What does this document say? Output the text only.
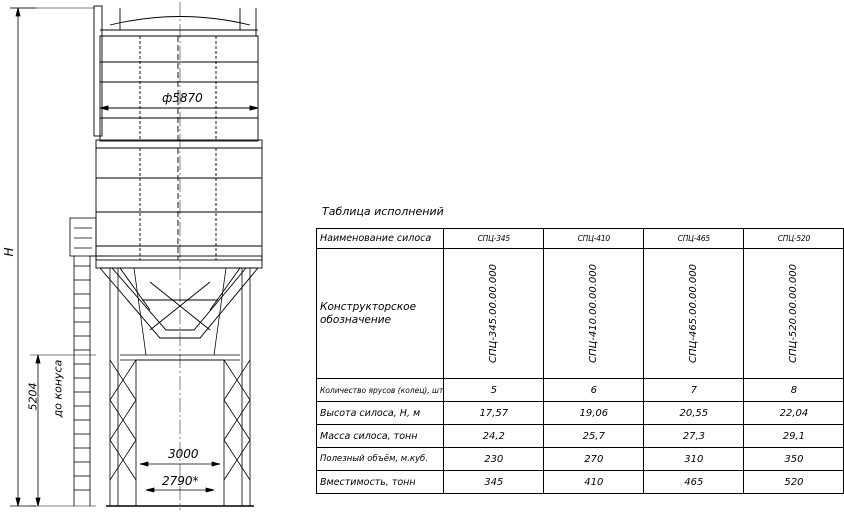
ф5870
H
5204 до конуса
3000
2790*
Таблица исполнений
Наименование силоса	СПЦ-345	СПЦ-410	СПЦ-465	СПЦ-520
Конструкторское обозначение	СПЦ-345.00.00.000	СПЦ-410.00.00.000	СПЦ-465.00.00.000	СПЦ-520.00.00.000
Количество ярусов (колец), шт	5	6	7	8
Высота силоса, Н, м	17,57	19,06	20,55	22,04
Масса силоса, тонн	24,2	25,7	27,3	29,1
Полезный объём, м.куб.	230	270	310	350
Вместимость, тонн	345	410	465	520
